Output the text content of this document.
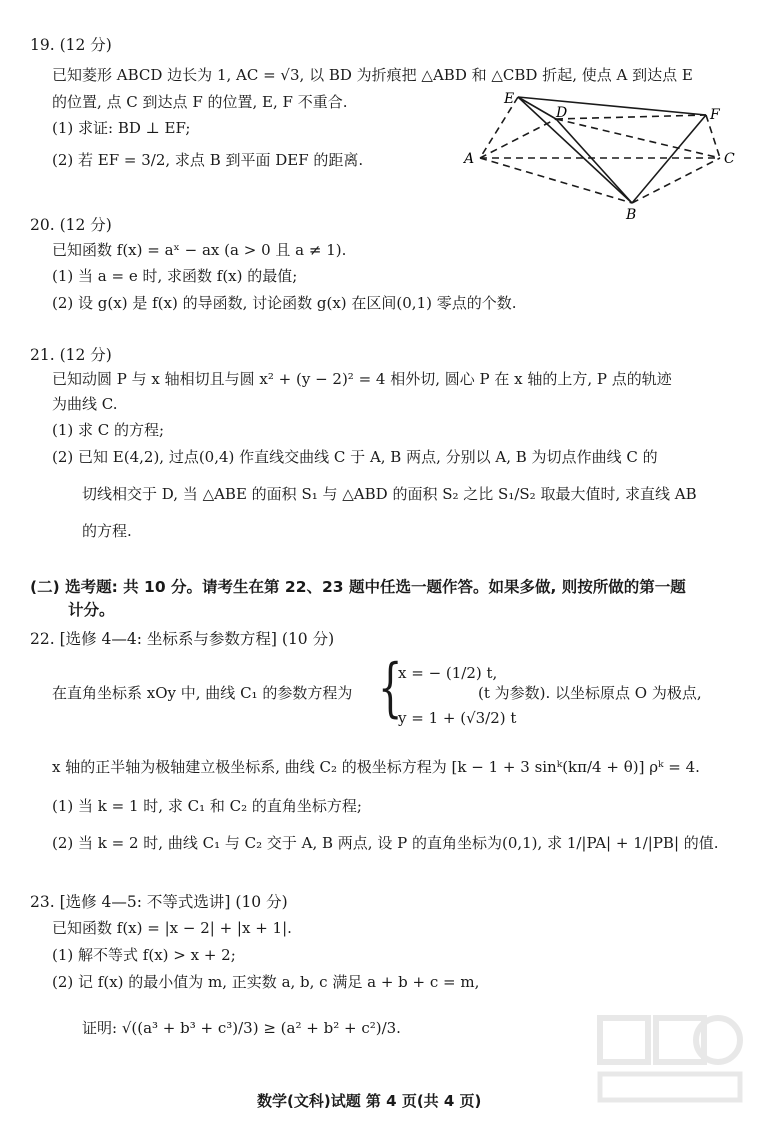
19. (12 分)
已知菱形 ABCD 边长为 1, AC = √3, 以 BD 为折痕把 △ABD 和 △CBD 折起, 使点 A 到达点 E
的位置, 点 C 到达点 F 的位置, E, F 不重合.
(1) 求证: BD ⊥ EF;
(2) 若 EF = 3/2, 求点 B 到平面 DEF 的距离.
E
D	F
A	C
B
20. (12 分)
已知函数 f(x) = aˣ − ax (a > 0 且 a ≠ 1).
(1) 当 a = e 时, 求函数 f(x) 的最值;
(2) 设 g(x) 是 f(x) 的导函数, 讨论函数 g(x) 在区间(0,1) 零点的个数.
21. (12 分)
已知动圆 P 与 x 轴相切且与圆 x² + (y − 2)² = 4 相外切, 圆心 P 在 x 轴的上方, P 点的轨迹
为曲线 C.
(1) 求 C 的方程;
(2) 已知 E(4,2), 过点(0,4) 作直线交曲线 C 于 A, B 两点, 分别以 A, B 为切点作曲线 C 的
切线相交于 D, 当 △ABE 的面积 S₁ 与 △ABD 的面积 S₂ 之比 S₁/S₂ 取最大值时, 求直线 AB
的方程.
(二) 选考题: 共 10 分。请考生在第 22、23 题中任选一题作答。如果多做, 则按所做的第一题
计分。
22. [选修 4—4: 坐标系与参数方程] (10 分)
在直角坐标系 xOy 中, 曲线 C₁ 的参数方程为 {
x = − (1/2) t,
y = 1 + (√3/2) t
(t 为参数). 以坐标原点 O 为极点,
x 轴的正半轴为极轴建立极坐标系, 曲线 C₂ 的极坐标方程为 [k − 1 + 3 sinᵏ(kπ/4 + θ)] ρᵏ = 4.
(1) 当 k = 1 时, 求 C₁ 和 C₂ 的直角坐标方程;
(2) 当 k = 2 时, 曲线 C₁ 与 C₂ 交于 A, B 两点, 设 P 的直角坐标为(0,1), 求 1/|PA| + 1/|PB| 的值.
23. [选修 4—5: 不等式选讲] (10 分)
已知函数 f(x) = |x − 2| + |x + 1|.
(1) 解不等式 f(x) > x + 2;
(2) 记 f(x) 的最小值为 m, 正实数 a, b, c 满足 a + b + c = m,
证明: √((a³ + b³ + c³)/3) ≥ (a² + b² + c²)/3.
数学(文科)试题 第 4 页(共 4 页)
